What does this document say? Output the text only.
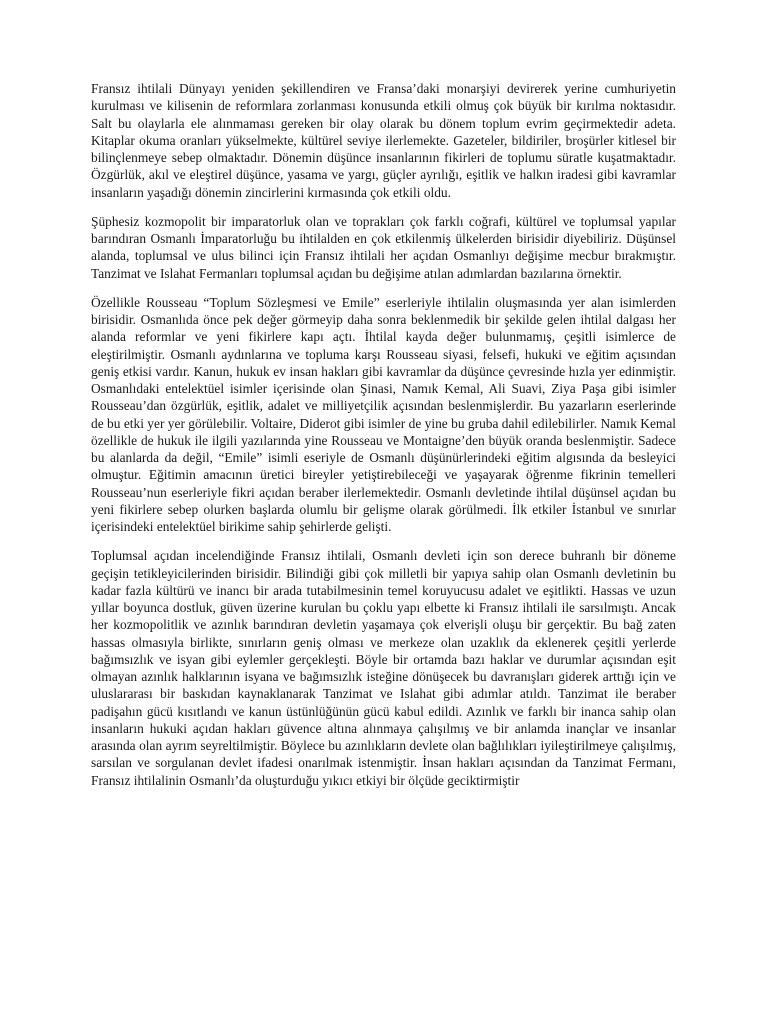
Fransız ihtilali Dünyayı yeniden şekillendiren ve Fransa’daki monarşiyi devirerek yerine cumhuriyetin kurulması ve kilisenin de reformlara zorlanması konusunda etkili olmuş çok büyük bir kırılma noktasıdır. Salt bu olaylarla ele alınmaması gereken bir olay olarak bu dönem toplum evrim geçirmektedir adeta. Kitaplar okuma oranları yükselmekte, kültürel seviye ilerlemekte. Gazeteler, bildiriler, broşürler kitlesel bir bilinçlenmeye sebep olmaktadır. Dönemin düşünce insanlarının fikirleri de toplumu süratle kuşatmaktadır. Özgürlük, akıl ve eleştirel düşünce, yasama ve yargı, güçler ayrılığı, eşitlik ve halkın iradesi gibi kavramlar insanların yaşadığı dönemin zincirlerini kırmasında çok etkili oldu.

Şüphesiz kozmopolit bir imparatorluk olan ve toprakları çok farklı coğrafi, kültürel ve toplumsal yapılar barındıran Osmanlı İmparatorluğu bu ihtilalden en çok etkilenmiş ülkelerden birisidir diyebiliriz. Düşünsel alanda, toplumsal ve ulus bilinci için Fransız ihtilali her açıdan Osmanlıyı değişime mecbur bırakmıştır. Tanzimat ve Islahat Fermanları toplumsal açıdan bu değişime atılan adımlardan bazılarına örnektir.

Özellikle Rousseau “Toplum Sözleşmesi ve Emile” eserleriyle ihtilalin oluşmasında yer alan isimlerden birisidir. Osmanlıda önce pek değer görmeyip daha sonra beklenmedik bir şekilde gelen ihtilal dalgası her alanda reformlar ve yeni fikirlere kapı açtı. İhtilal kayda değer bulunmamış, çeşitli isimlerce de eleştirilmiştir. Osmanlı aydınlarına ve topluma karşı Rousseau siyasi, felsefi, hukuki ve eğitim açısından geniş etkisi vardır. Kanun, hukuk ev insan hakları gibi kavramlar da düşünce çevresinde hızla yer edinmiştir. Osmanlıdaki entelektüel isimler içerisinde olan Şinasi, Namık Kemal, Ali Suavi, Ziya Paşa gibi isimler Rousseau’dan özgürlük, eşitlik, adalet ve milliyetçilik açısından beslenmişlerdir. Bu yazarların eserlerinde de bu etki yer yer görülebilir. Voltaire, Diderot gibi isimler de yine bu gruba dahil edilebilirler. Namık Kemal özellikle de hukuk ile ilgili yazılarında yine Rousseau ve Montaigne’den büyük oranda beslenmiştir. Sadece bu alanlarda da değil, “Emile” isimli eseriyle de Osmanlı düşünürlerindeki eğitim algısında da besleyici olmuştur. Eğitimin amacının üretici bireyler yetiştirebileceği ve yaşayarak öğrenme fikrinin temelleri Rousseau’nun eserleriyle fikri açıdan beraber ilerlemektedir. Osmanlı devletinde ihtilal düşünsel açıdan bu yeni fikirlere sebep olurken başlarda olumlu bir gelişme olarak görülmedi. İlk etkiler İstanbul ve sınırlar içerisindeki entelektüel birikime sahip şehirlerde gelişti.

Toplumsal açıdan incelendiğinde Fransız ihtilali, Osmanlı devleti için son derece buhranlı bir döneme geçişin tetikleyicilerinden birisidir. Bilindiği gibi çok milletli bir yapıya sahip olan Osmanlı devletinin bu kadar fazla kültürü ve inancı bir arada tutabilmesinin temel koruyucusu adalet ve eşitlikti. Hassas ve uzun yıllar boyunca dostluk, güven üzerine kurulan bu çoklu yapı elbette ki Fransız ihtilali ile sarsılmıştı. Ancak her kozmopolitlik ve azınlık barındıran devletin yaşamaya çok elverişli oluşu bir gerçektir. Bu bağ zaten hassas olmasıyla birlikte, sınırların geniş olması ve merkeze olan uzaklık da eklenerek çeşitli yerlerde bağımsızlık ve isyan gibi eylemler gerçekleşti. Böyle bir ortamda bazı haklar ve durumlar açısından eşit olmayan azınlık halklarının isyana ve bağımsızlık isteğine dönüşecek bu davranışları giderek arttığı için ve uluslararası bir baskıdan kaynaklanarak Tanzimat ve Islahat gibi adımlar atıldı. Tanzimat ile beraber padişahın gücü kısıtlandı ve kanun üstünlüğünün gücü kabul edildi. Azınlık ve farklı bir inanca sahip olan insanların hukuki açıdan hakları güvence altına alınmaya çalışılmış ve bir anlamda inançlar ve insanlar arasında olan ayrım seyreltilmiştir. Böylece bu azınlıkların devlete olan bağlılıkları iyileştirilmeye çalışılmış, sarsılan ve sorgulanan devlet ifadesi onarılmak istenmiştir. İnsan hakları açısından da Tanzimat Fermanı, Fransız ihtilalinin Osmanlı’da oluşturduğu yıkıcı etkiyi bir ölçüde geciktirmiştir
